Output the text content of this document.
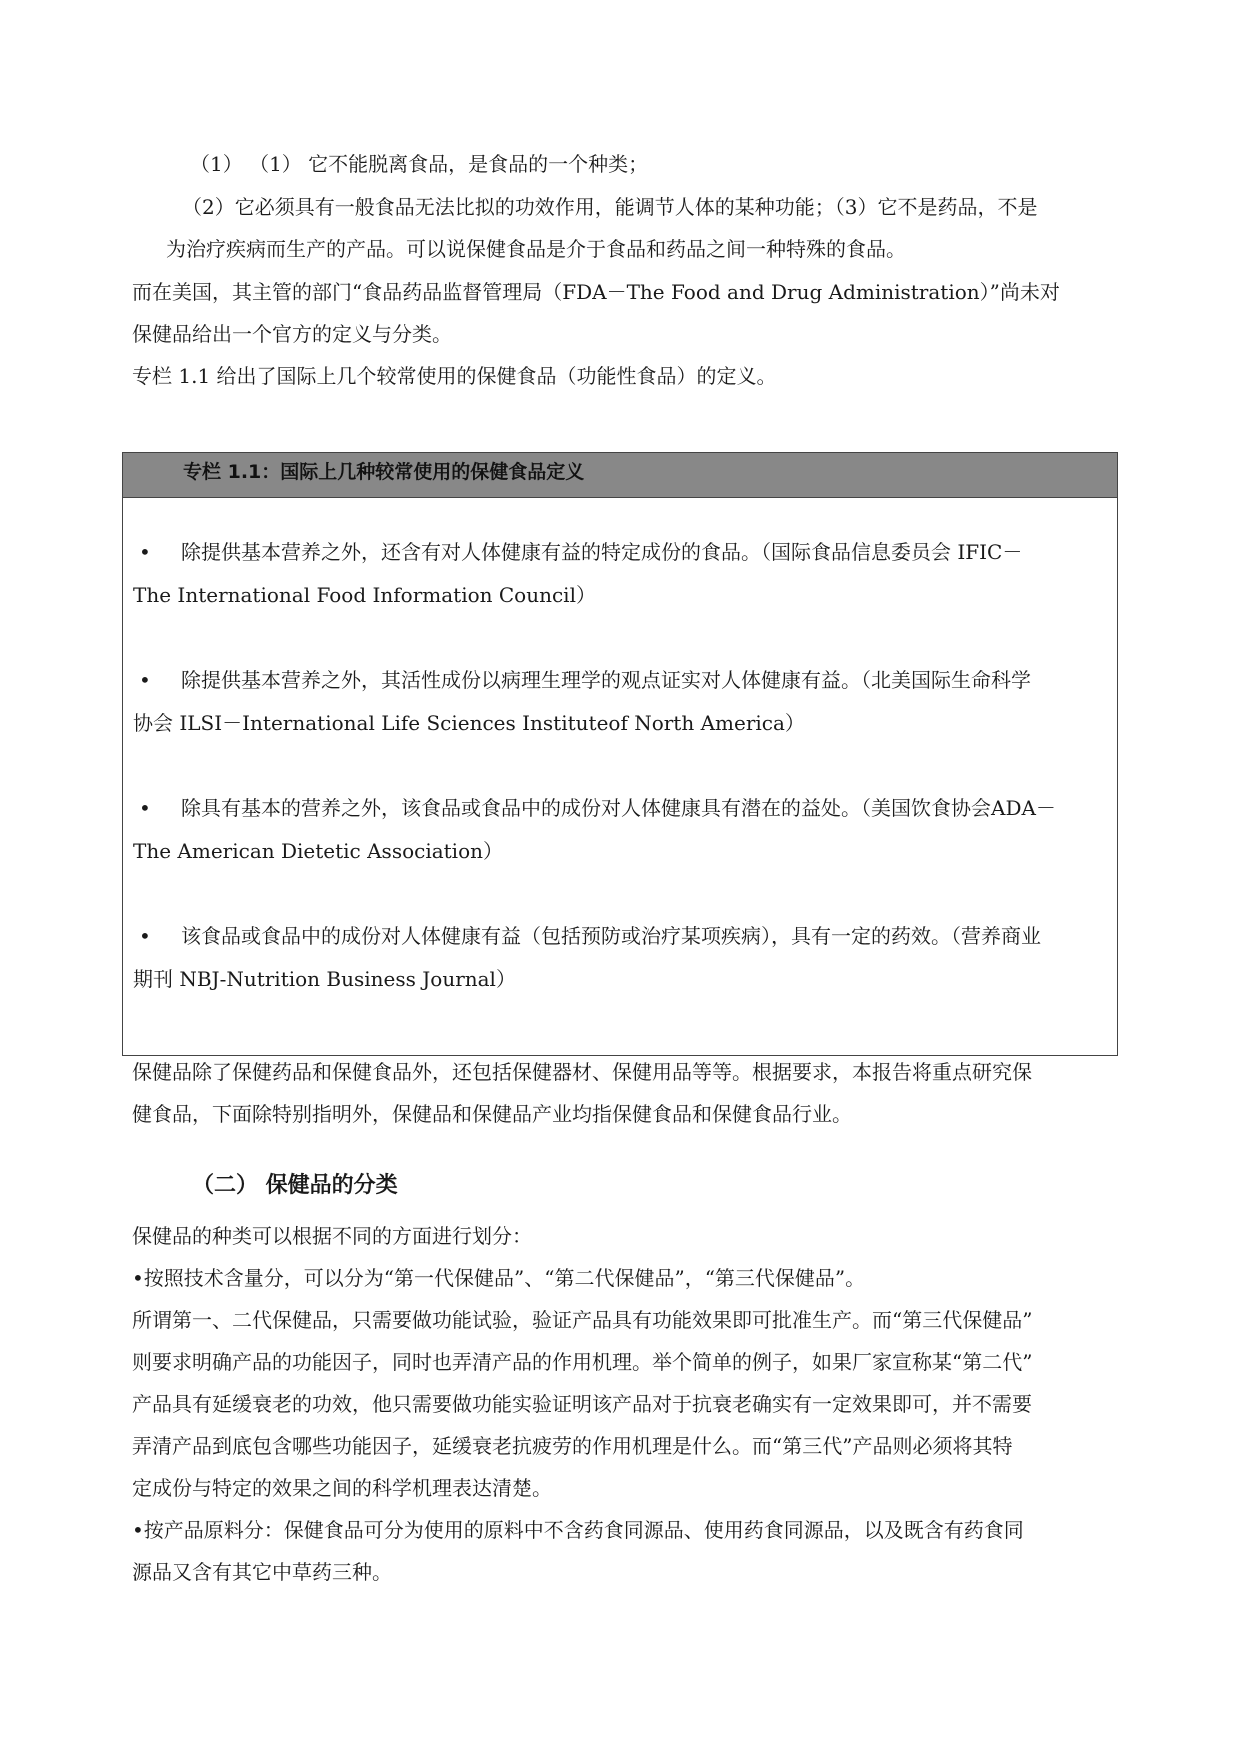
（1） （1） 它不能脱离食品，是食品的一个种类；
（2）它必须具有一般食品无法比拟的功效作用，能调节人体的某种功能；（3）它不是药品，不是
为治疗疾病而生产的产品。可以说保健食品是介于食品和药品之间一种特殊的食品。
而在美国，其主管的部门“食品药品监督管理局（FDA－The Food and Drug Administration）”尚未对
保健品给出一个官方的定义与分类。
专栏 1.1 给出了国际上几个较常使用的保健食品（功能性食品）的定义。
专栏 1.1：国际上几种较常使用的保健食品定义
• 除提供基本营养之外，还含有对人体健康有益的特定成份的食品。（国际食品信息委员会 IFIC－
The International Food Information Council）
• 除提供基本营养之外，其活性成份以病理生理学的观点证实对人体健康有益。（北美国际生命科学
协会 ILSI－International Life Sciences Instituteof North America）
• 除具有基本的营养之外，该食品或食品中的成份对人体健康具有潜在的益处。（美国饮食协会ADA－
The American Dietetic Association）
• 该食品或食品中的成份对人体健康有益（包括预防或治疗某项疾病），具有一定的药效。（营养商业
期刊 NBJ-Nutrition Business Journal）
保健品除了保健药品和保健食品外，还包括保健器材、保健用品等等。根据要求，本报告将重点研究保
健食品，下面除特别指明外，保健品和保健品产业均指保健食品和保健食品行业。
（二） 保健品的分类
保健品的种类可以根据不同的方面进行划分：
•按照技术含量分，可以分为“第一代保健品”、“第二代保健品”，“第三代保健品”。
所谓第一、二代保健品，只需要做功能试验，验证产品具有功能效果即可批准生产。而“第三代保健品”
则要求明确产品的功能因子，同时也弄清产品的作用机理。举个简单的例子，如果厂家宣称某“第二代”
产品具有延缓衰老的功效，他只需要做功能实验证明该产品对于抗衰老确实有一定效果即可，并不需要
弄清产品到底包含哪些功能因子，延缓衰老抗疲劳的作用机理是什么。而“第三代”产品则必须将其特
定成份与特定的效果之间的科学机理表达清楚。
•按产品原料分：保健食品可分为使用的原料中不含药食同源品、使用药食同源品，以及既含有药食同
源品又含有其它中草药三种。
